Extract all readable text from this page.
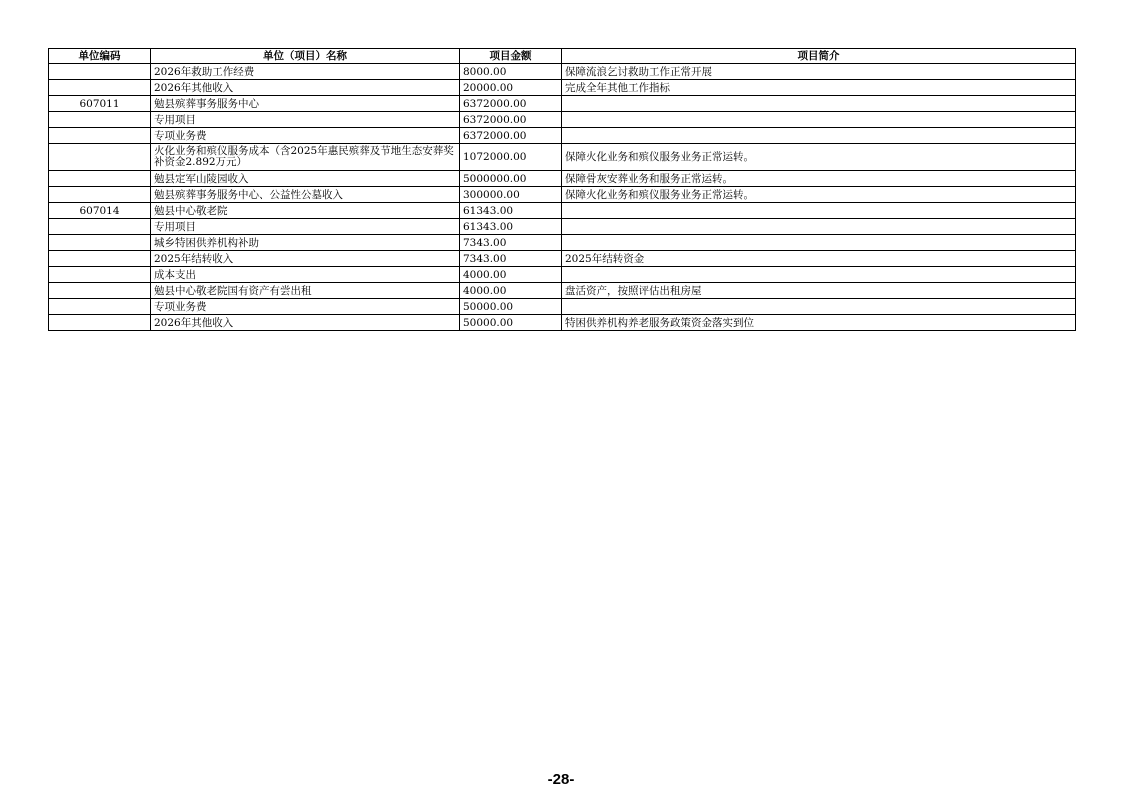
单位编码	单位（项目）名称	项目金额	项目简介
	2026年救助工作经费	8000.00	保障流浪乞讨救助工作正常开展
	2026年其他收入	20000.00	完成全年其他工作指标
607011	勉县殡葬事务服务中心	6372000.00	
	专用项目	6372000.00	
	专项业务费	6372000.00	
	火化业务和殡仪服务成本（含2025年惠民殡葬及节地生态安葬奖补资金2.892万元）	1072000.00	保障火化业务和殡仪服务业务正常运转。
	勉县定军山陵园收入	5000000.00	保障骨灰安葬业务和服务正常运转。
	勉县殡葬事务服务中心、公益性公墓收入	300000.00	保障火化业务和殡仪服务业务正常运转。
607014	勉县中心敬老院	61343.00	
	专用项目	61343.00	
	城乡特困供养机构补助	7343.00	
	2025年结转收入	7343.00	2025年结转资金
	成本支出	4000.00	
	勉县中心敬老院国有资产有尝出租	4000.00	盘活资产，按照评估出租房屋
	专项业务费	50000.00	
	2026年其他收入	50000.00	特困供养机构养老服务政策资金落实到位
-28-
